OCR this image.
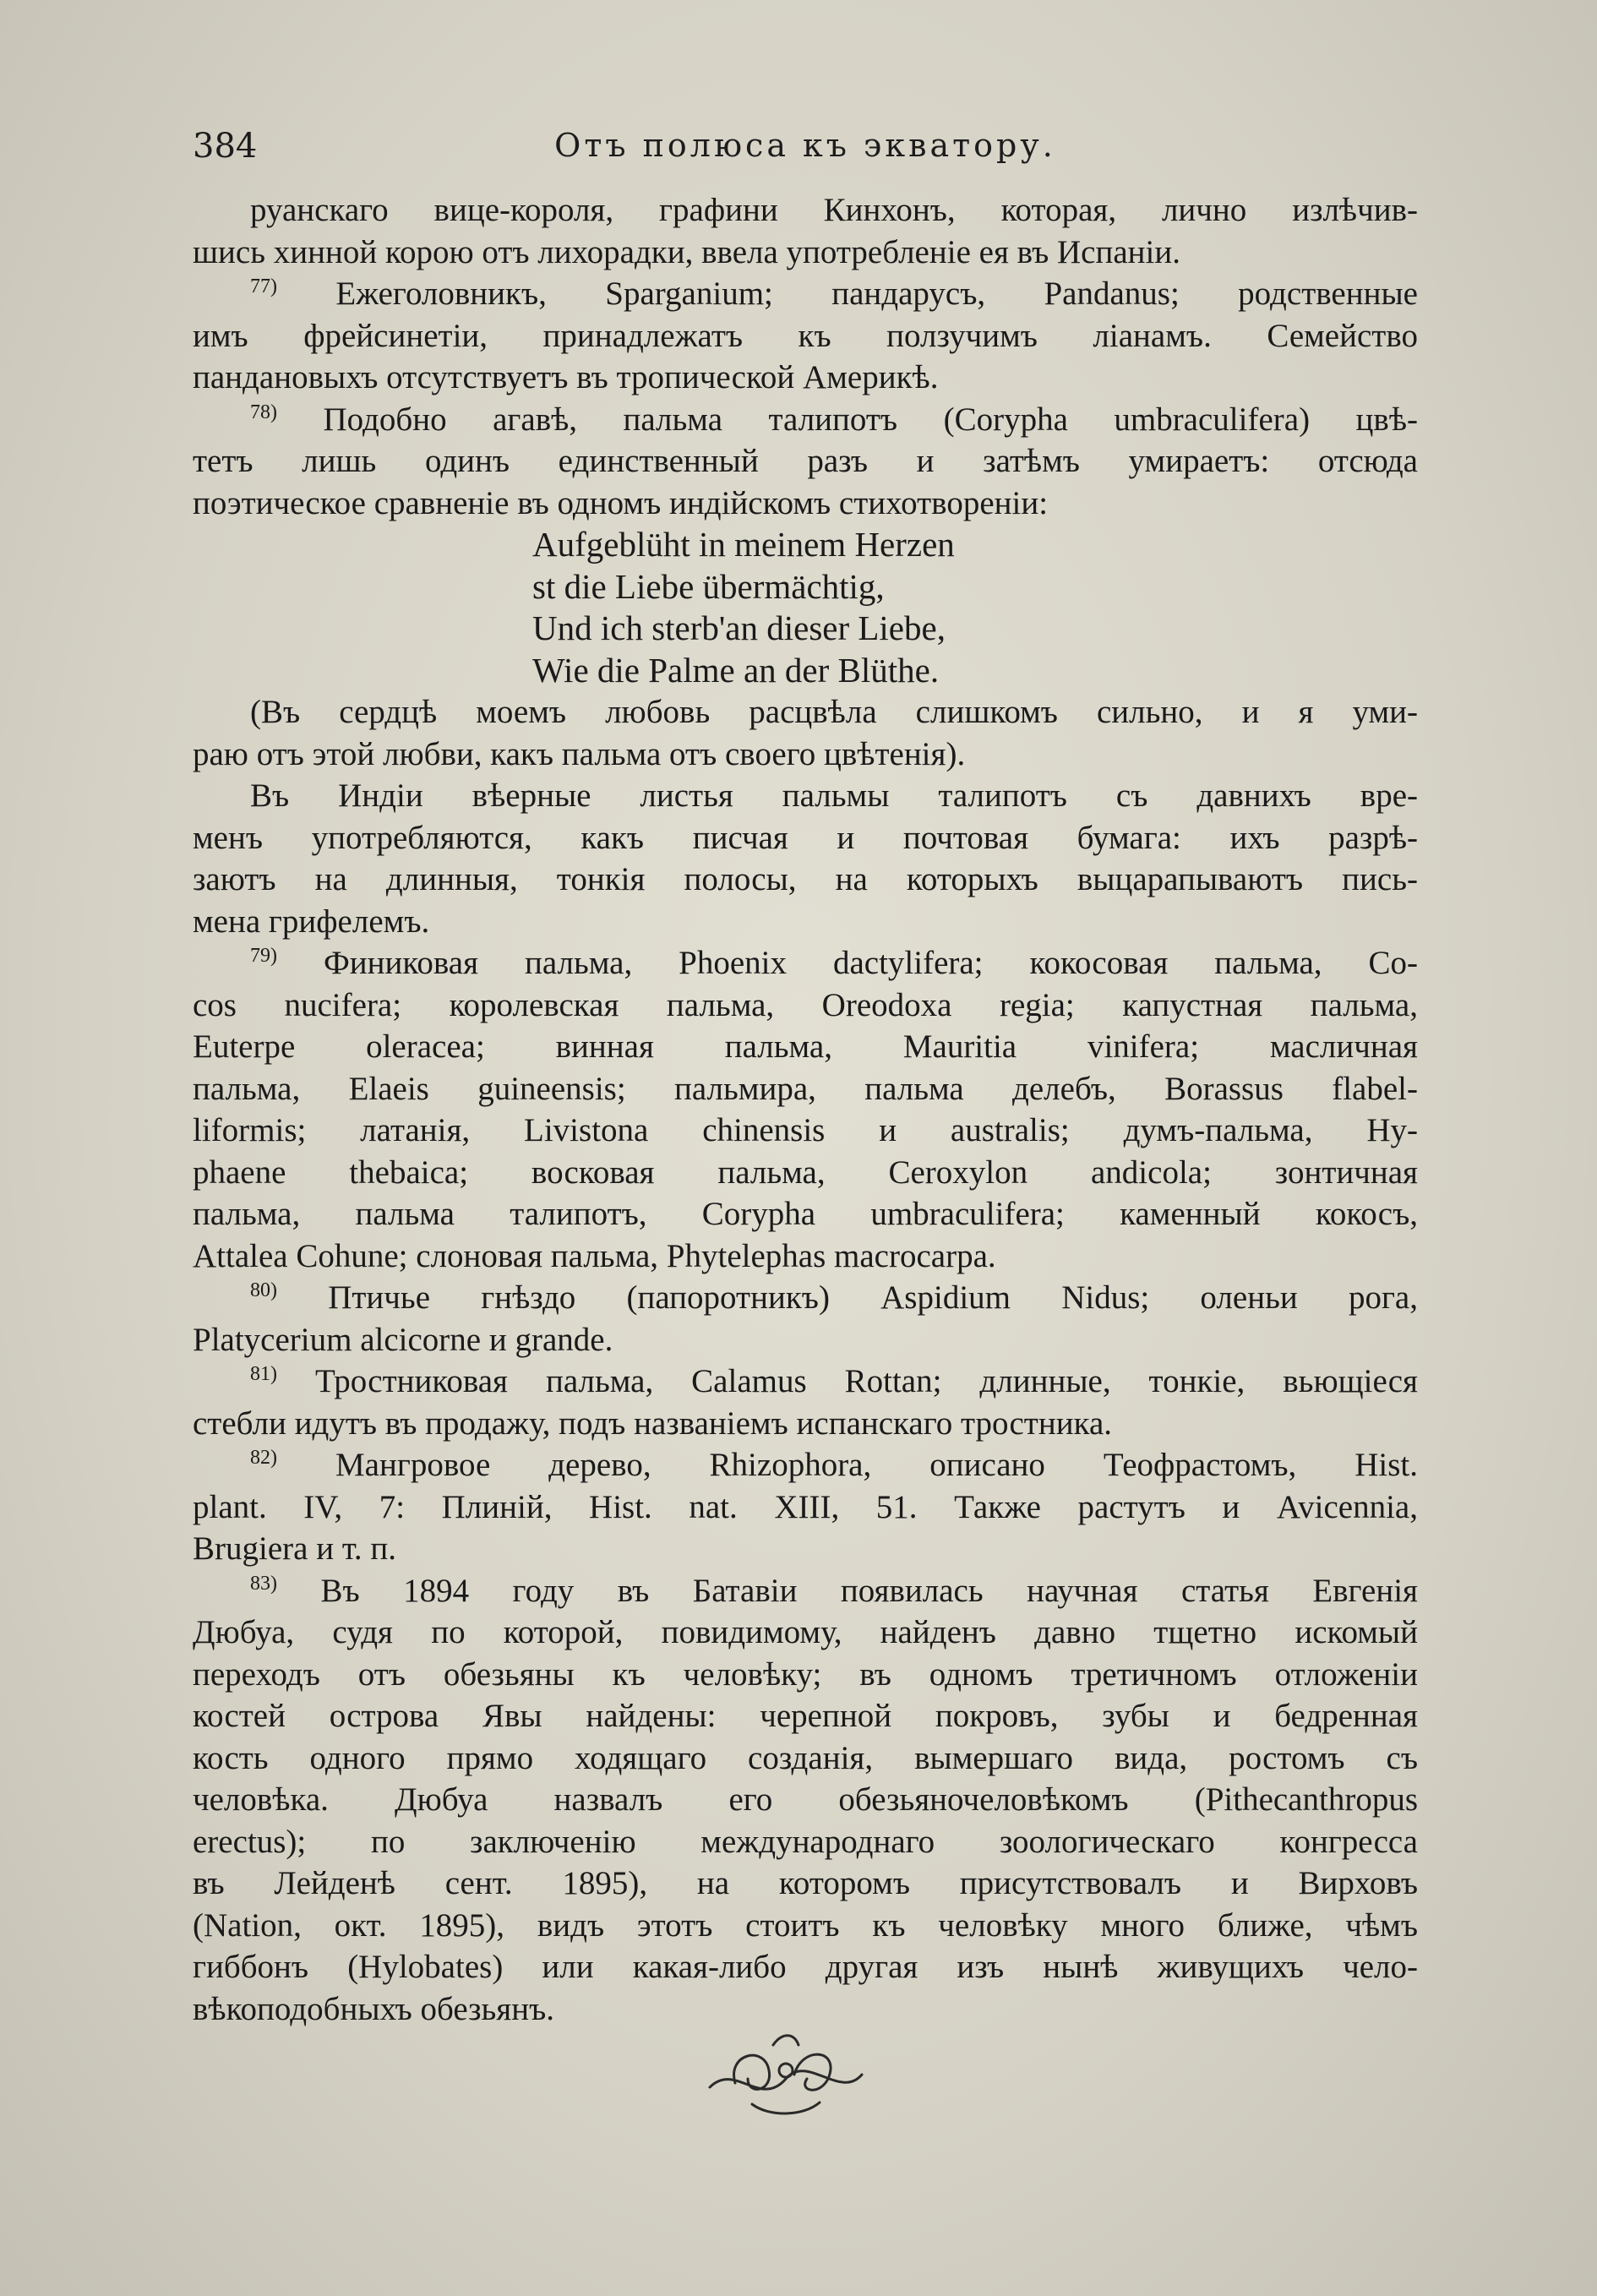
384	Отъ полюса къ экватору.

руанскаго вице-короля, графини Кинхонъ, которая, лично излѣчив-

шись хинной корою отъ лихорадки, ввела употребленіе ея въ Испаніи.

$^{77)}$ Ежеголовникъ, Sparganium; пандарусъ, Pandanus; родственные

имъ фрейсинетіи, принадлежатъ къ ползучимъ ліанамъ. Семейство

пандановыхъ отсутствуетъ въ тропической Америкѣ.

$^{78)}$ Подобно агавѣ, пальма талипотъ (Corypha umbraculifera) цвѣ-

тетъ лишь одинъ единственный разъ и затѣмъ умираетъ: отсюда

поэтическое сравненіе въ одномъ индійскомъ стихотвореніи:

Aufgeblüht in meinem Herzen
st die Liebe übermächtig,
Und ich sterb'an dieser Liebe,
Wie die Palme an der Blüthe.

(Въ сердцѣ моемъ любовь расцвѣла слишкомъ сильно, и я уми-

раю отъ этой любви, какъ пальма отъ своего цвѣтенія).

Въ Индіи вѣерные листья пальмы талипотъ съ давнихъ вре-

менъ употребляются, какъ писчая и почтовая бумага: ихъ разрѣ-

заютъ на длинныя, тонкія полосы, на которыхъ выцарапываютъ пись-

мена грифелемъ.

$^{79)}$ Финиковая пальма, Phoenix dactylifera; кокосовая пальма, Co-

cos nucifera; королевская пальма, Oreodoxa regia; капустная пальма,

Euterpe oleracea; винная пальма, Mauritia vinifera; масличная

пальма, Elaeis guineensis; пальмира, пальма делебъ, Borassus flabel-

liformis; латанія, Livistona chinensis и australis; думъ-пальма, Hy-

phaene thebaica; восковая пальма, Ceroxylon andicola; зонтичная

пальма, пальма талипотъ, Corypha umbraculifera; каменный кокосъ,

Attalea Cohune; слоновая пальма, Phytelephas macrocarpa.

$^{80)}$ Птичье гнѣздо (папоротникъ) Aspidium Nidus; оленьи рога,

Platycerium alcicorne и grande.

$^{81)}$ Тростниковая пальма, Calamus Rottan; длинные, тонкіе, вьющіеся

стебли идутъ въ продажу, подъ названіемъ испанскаго тростника.

$^{82)}$ Мангровое дерево, Rhizophora, описано Теофрастомъ, Hist.

plant. IV, 7: Плиній, Hist. nat. XIII, 51. Также растутъ и Avicennia,

Brugiera и т. п.

$^{83)}$ Въ 1894 году въ Батавіи появилась научная статья Евгенія

Дюбуа, судя по которой, повидимому, найденъ давно тщетно искомый

переходъ отъ обезьяны къ человѣку; въ одномъ третичномъ отложеніи

костей острова Явы найдены: черепной покровъ, зубы и бедренная

кость одного прямо ходящаго созданія, вымершаго вида, ростомъ съ

человѣка. Дюбуа назвалъ его обезьяночеловѣкомъ (Pithecanthropus

erectus); по заключенію международнаго зоологическаго конгресса

въ Лейденѣ сент. 1895), на которомъ присутствовалъ и Вирховъ

(Nation, окт. 1895), видъ этотъ стоитъ къ человѣку много ближе, чѣмъ

гиббонъ (Hylobates) или какая-либо другая изъ нынѣ живущихъ чело-

вѣкоподобныхъ обезьянъ.
